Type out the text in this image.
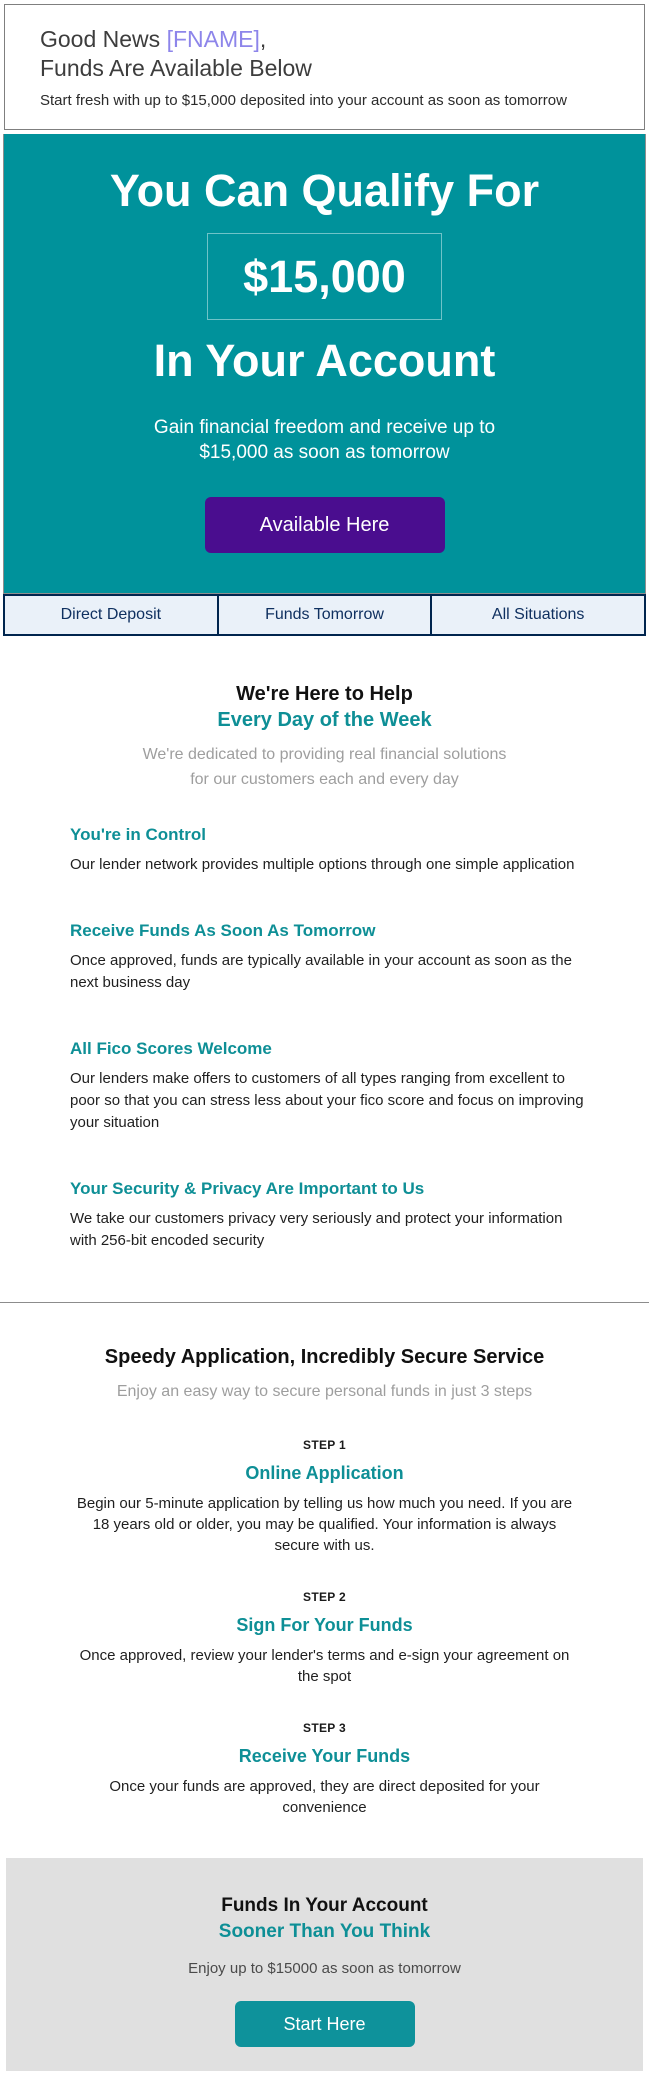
Good News [FNAME],
Funds Are Available Below
Start fresh with up to $15,000 deposited into your account as soon as tomorrow
You Can Qualify For
$15,000
In Your Account
Gain financial freedom and receive up to
$15,000 as soon as tomorrow
Available Here
Direct Deposit	Funds Tomorrow	All Situations
We're Here to Help
Every Day of the Week
We're dedicated to providing real financial solutions
for our customers each and every day
You're in Control
Our lender network provides multiple options through one simple application
Receive Funds As Soon As Tomorrow
Once approved, funds are typically available in your account as soon as the next business day
All Fico Scores Welcome
Our lenders make offers to customers of all types ranging from excellent to poor so that you can stress less about your fico score and focus on improving your situation
Your Security & Privacy Are Important to Us
We take our customers privacy very seriously and protect your information with 256-bit encoded security
Speedy Application, Incredibly Secure Service
Enjoy an easy way to secure personal funds in just 3 steps
STEP 1
Online Application
Begin our 5-minute application by telling us how much you need. If you are 18 years old or older, you may be qualified. Your information is always secure with us.
STEP 2
Sign For Your Funds
Once approved, review your lender's terms and e-sign your agreement on the spot
STEP 3
Receive Your Funds
Once your funds are approved, they are direct deposited for your convenience
Funds In Your Account
Sooner Than You Think
Enjoy up to $15000 as soon as tomorrow
Start Here
